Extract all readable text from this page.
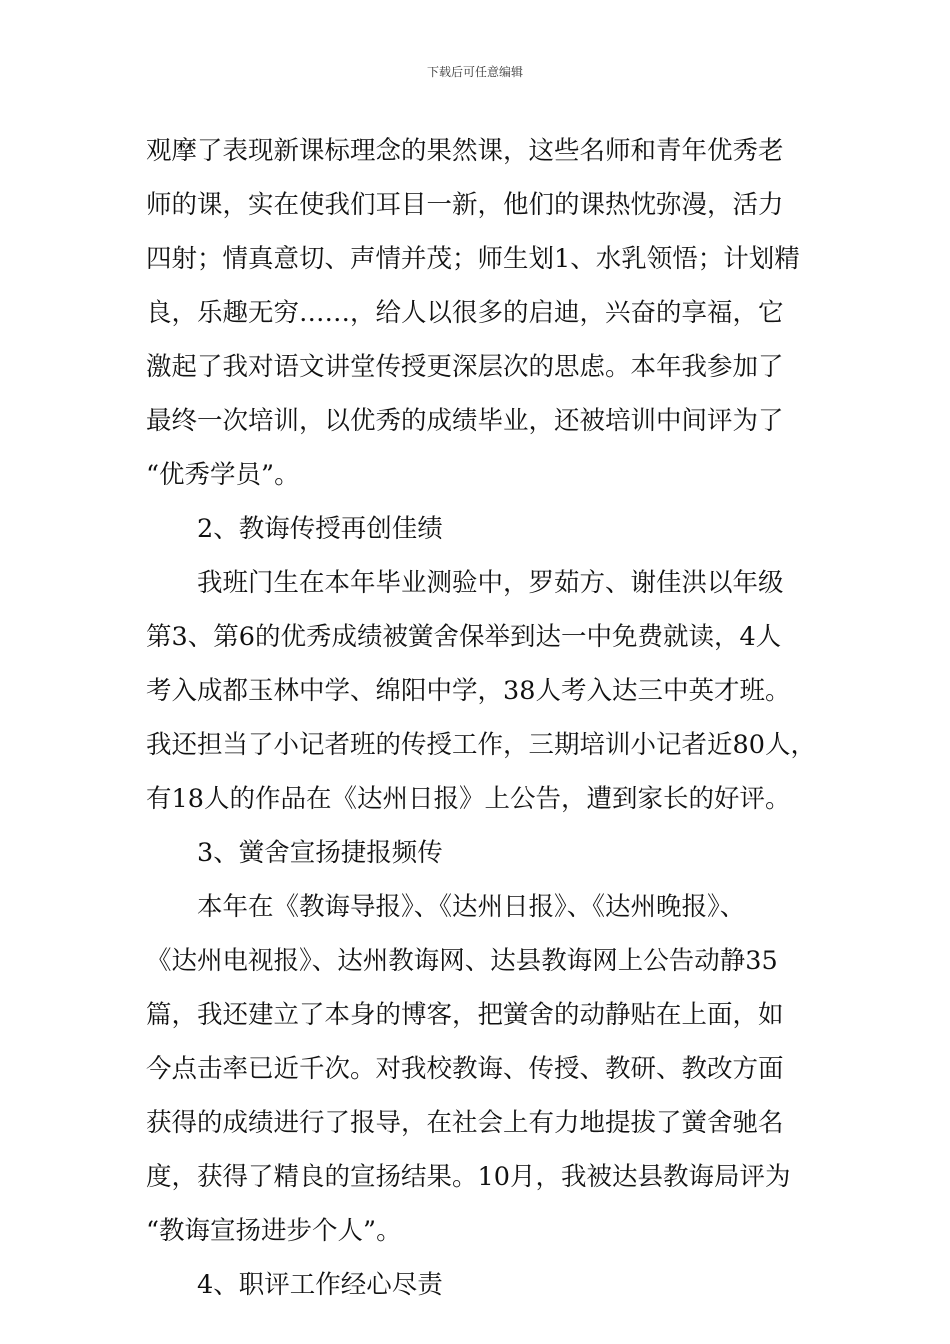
下载后可任意编辑
观摩了表现新课标理念的果然课，这些名师和青年优秀老
师的课，实在使我们耳目一新，他们的课热忱弥漫，活力
四射；情真意切、声情并茂；师生划1、水乳领悟；计划精
良，乐趣无穷……，给人以很多的启迪，兴奋的享福，它
激起了我对语文讲堂传授更深层次的思虑。本年我参加了
最终一次培训，以优秀的成绩毕业，还被培训中间评为了
“优秀学员”。
2、教诲传授再创佳绩
我班门生在本年毕业测验中，罗茹方、谢佳洪以年级
第3、第6的优秀成绩被黉舍保举到达一中免费就读，4人
考入成都玉林中学、绵阳中学，38人考入达三中英才班。
我还担当了小记者班的传授工作，三期培训小记者近80人，
有18人的作品在《达州日报》上公告，遭到家长的好评。
3、黉舍宣扬捷报频传
本年在《教诲导报》、《达州日报》、《达州晚报》、
《达州电视报》、达州教诲网、达县教诲网上公告动静35
篇，我还建立了本身的博客，把黉舍的动静贴在上面，如
今点击率已近千次。对我校教诲、传授、教研、教改方面
获得的成绩进行了报导，在社会上有力地提拔了黉舍驰名
度，获得了精良的宣扬结果。10月，我被达县教诲局评为
“教诲宣扬进步个人”。
4、职评工作经心尽责
